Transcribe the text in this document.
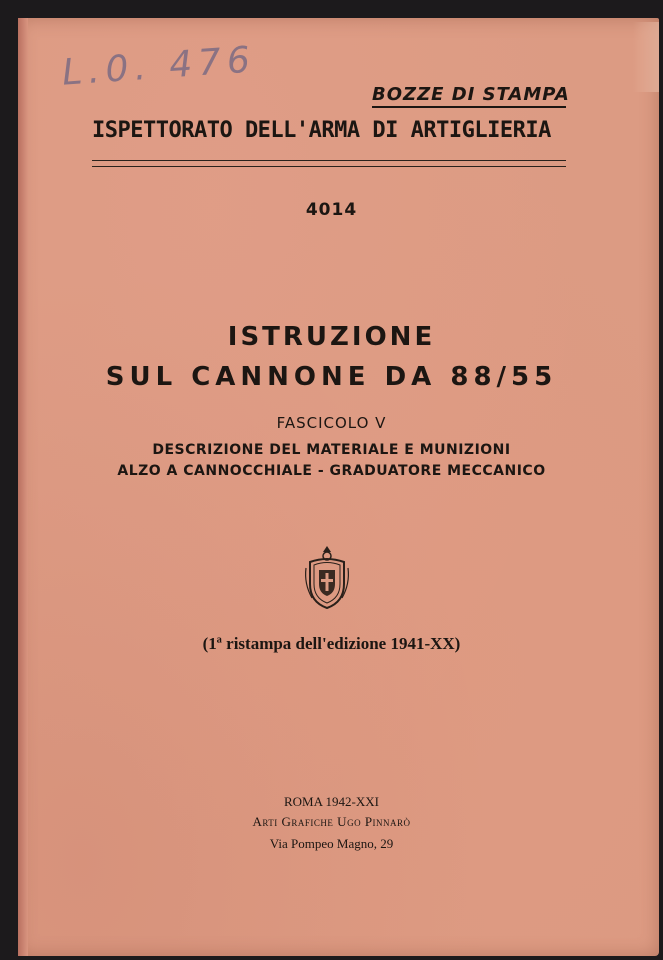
L.0. 476
BOZZE DI STAMPA
ISPETTORATO DELL'ARMA DI ARTIGLIERIA
4014
ISTRUZIONE
SUL CANNONE DA 88/55
FASCICOLO V
DESCRIZIONE DEL MATERIALE E MUNIZIONI
ALZO A CANNOCCHIALE - GRADUATORE MECCANICO
(1ª ristampa dell'edizione 1941-XX)
ROMA 1942-XXI
Arti Grafiche Ugo Pinnarò
Via Pompeo Magno, 29
